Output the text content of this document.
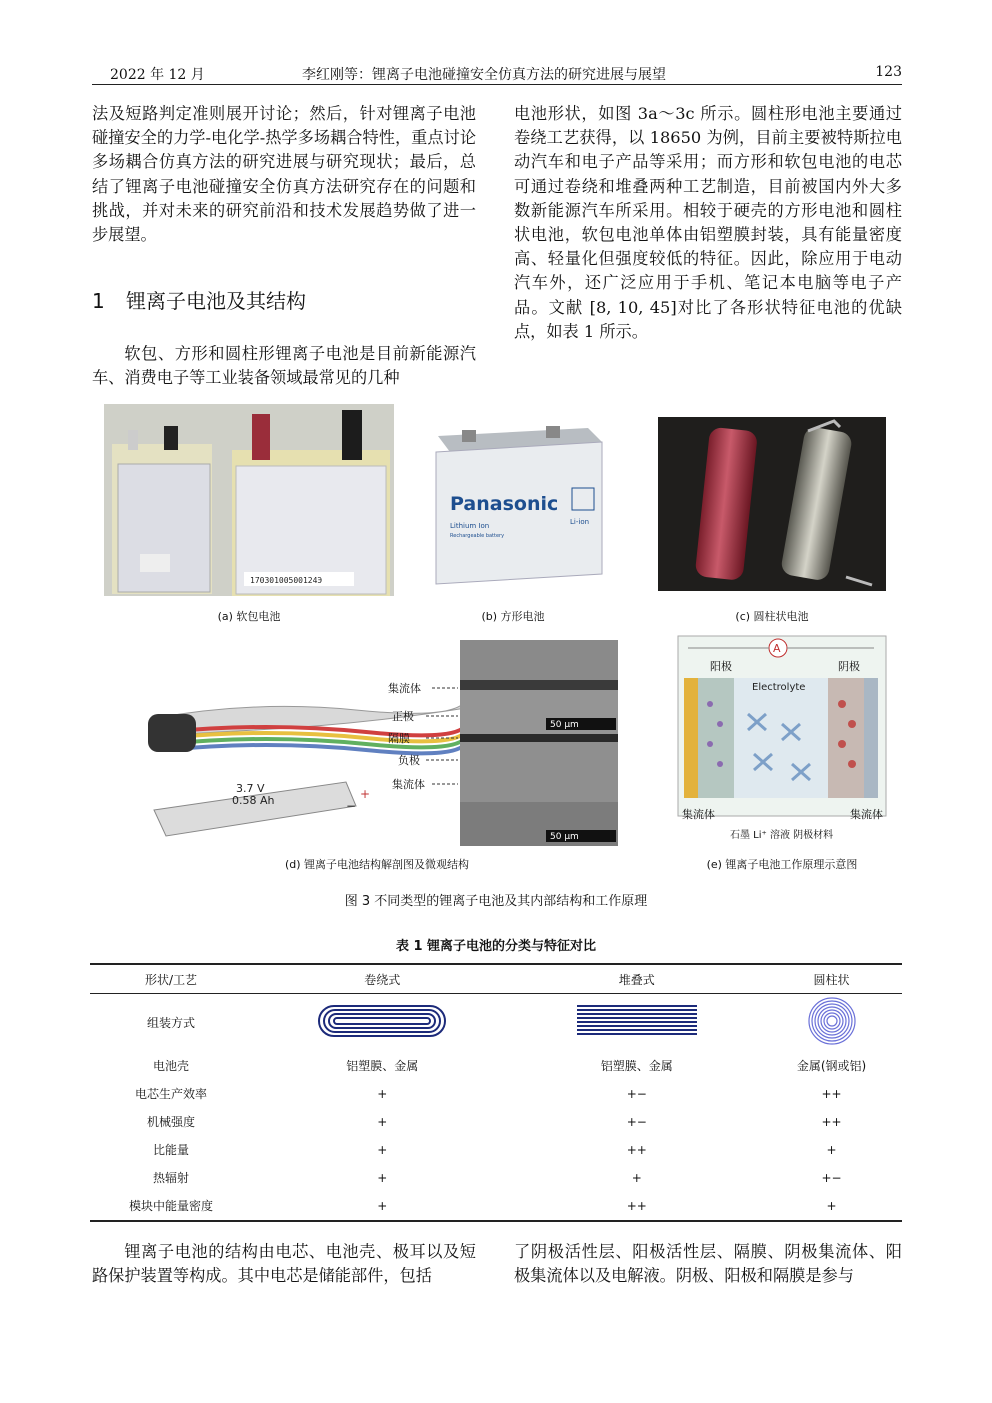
2022 年 12 月	李红刚等：锂离子电池碰撞安全仿真方法的研究进展与展望	123

法及短路判定准则展开讨论；然后，针对锂离子电池碰撞安全的力学-电化学-热学多场耦合特性，重点讨论多场耦合仿真方法的研究进展与研究现状；最后，总结了锂离子电池碰撞安全仿真方法研究存在的问题和挑战，并对未来的研究前沿和技术发展趋势做了进一步展望。

1 锂离子电池及其结构

软包、方形和圆柱形锂离子电池是目前新能源汽车、消费电子等工业装备领域最常见的几种

电池形状，如图 3a～3c 所示。圆柱形电池主要通过卷绕工艺获得，以 18650 为例，目前主要被特斯拉电动汽车和电子产品等采用；而方形和软包电池的电芯可通过卷绕和堆叠两种工艺制造，目前被国内外大多数新能源汽车所采用。相较于硬壳的方形电池和圆柱状电池，软包电池单体由铝塑膜封装，具有能量密度高、轻量化但强度较低的特征。因此，除应用于电动汽车外，还广泛应用于手机、笔记本电脑等电子产品。文献 [8, 10, 45]对比了各形状特征电池的优缺点，如表 1 所示。

17030100500124Э
(a) 软包电池
Panasonic
Lithium Ion
Rechargeable battery
Li-ion
(b) 方形电池	(c) 圆柱状电池
3.7 V
0.58 Ah	+
−
集流体
正极
隔膜
负极
集流体
50 μm
50 μm
(d) 锂离子电池结构解剖图及微观结构
A
阳极	阴极
Electrolyte
集流体	集流体
石墨 Li⁺ 溶液 阴极材料
(e) 锂离子电池工作原理示意图
图 3 不同类型的锂离子电池及其内部结构和工作原理
表 1 锂离子电池的分类与特征对比
形状/工艺	卷绕式	堆叠式	圆柱状
组装方式			
电池壳	铝塑膜、金属	铝塑膜、金属	金属(钢或铝)
电芯生产效率	+	+−	++
机械强度	+	+−	++
比能量	+	++	+
热辐射	+	+	+−
模块中能量密度	+	++	+

锂离子电池的结构由电芯、电池壳、极耳以及短路保护装置等构成。其中电芯是储能部件，包括

了阴极活性层、阳极活性层、隔膜、阴极集流体、阳极集流体以及电解液。阴极、阳极和隔膜是参与
